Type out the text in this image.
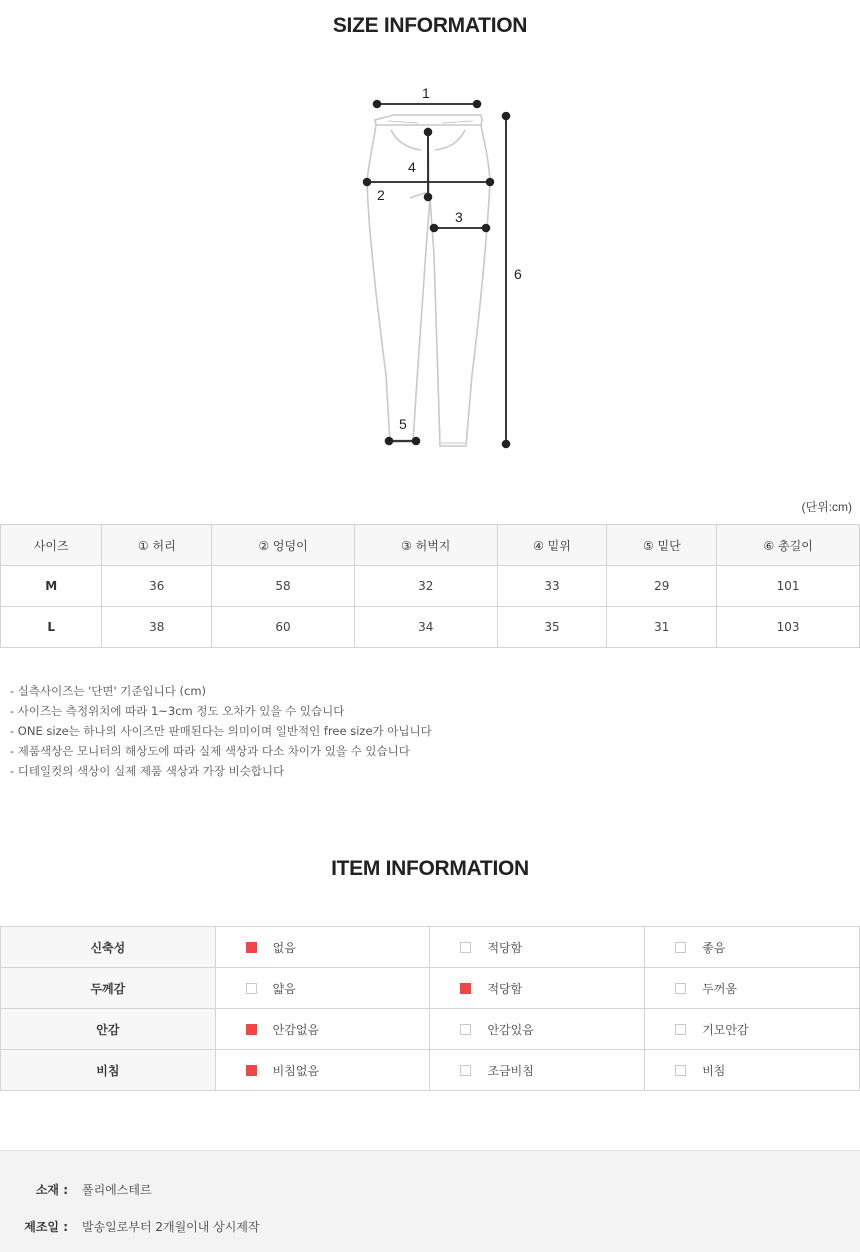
SIZE INFORMATION
1
2
3
4
5
6
(단위:cm)
사이즈	① 허리	② 엉덩이	③ 허벅지	④ 밑위	⑤ 밑단	⑥ 총길이
M	36	58	32	33	29	101
L	38	60	34	35	31	103
- 실측사이즈는 '단면' 기준입니다 (cm)
- 사이즈는 측정위치에 따라 1~3cm 정도 오차가 있을 수 있습니다
- ONE size는 하나의 사이즈만 판매된다는 의미이며 일반적인 free size가 아닙니다
- 제품색상은 모니터의 해상도에 따라 실제 색상과 다소 차이가 있을 수 있습니다
- 디테일컷의 색상이 실제 제품 색상과 가장 비슷합니다
ITEM INFORMATION
신축성	없음	적당함	좋음

두께감	얇음	적당함	두꺼움

안감	안감없음	안감있음	기모안감

비침	비침없음	조금비침	비침
소재 :	폴리에스테르
제조일 :	발송일로부터 2개월이내 상시제작
